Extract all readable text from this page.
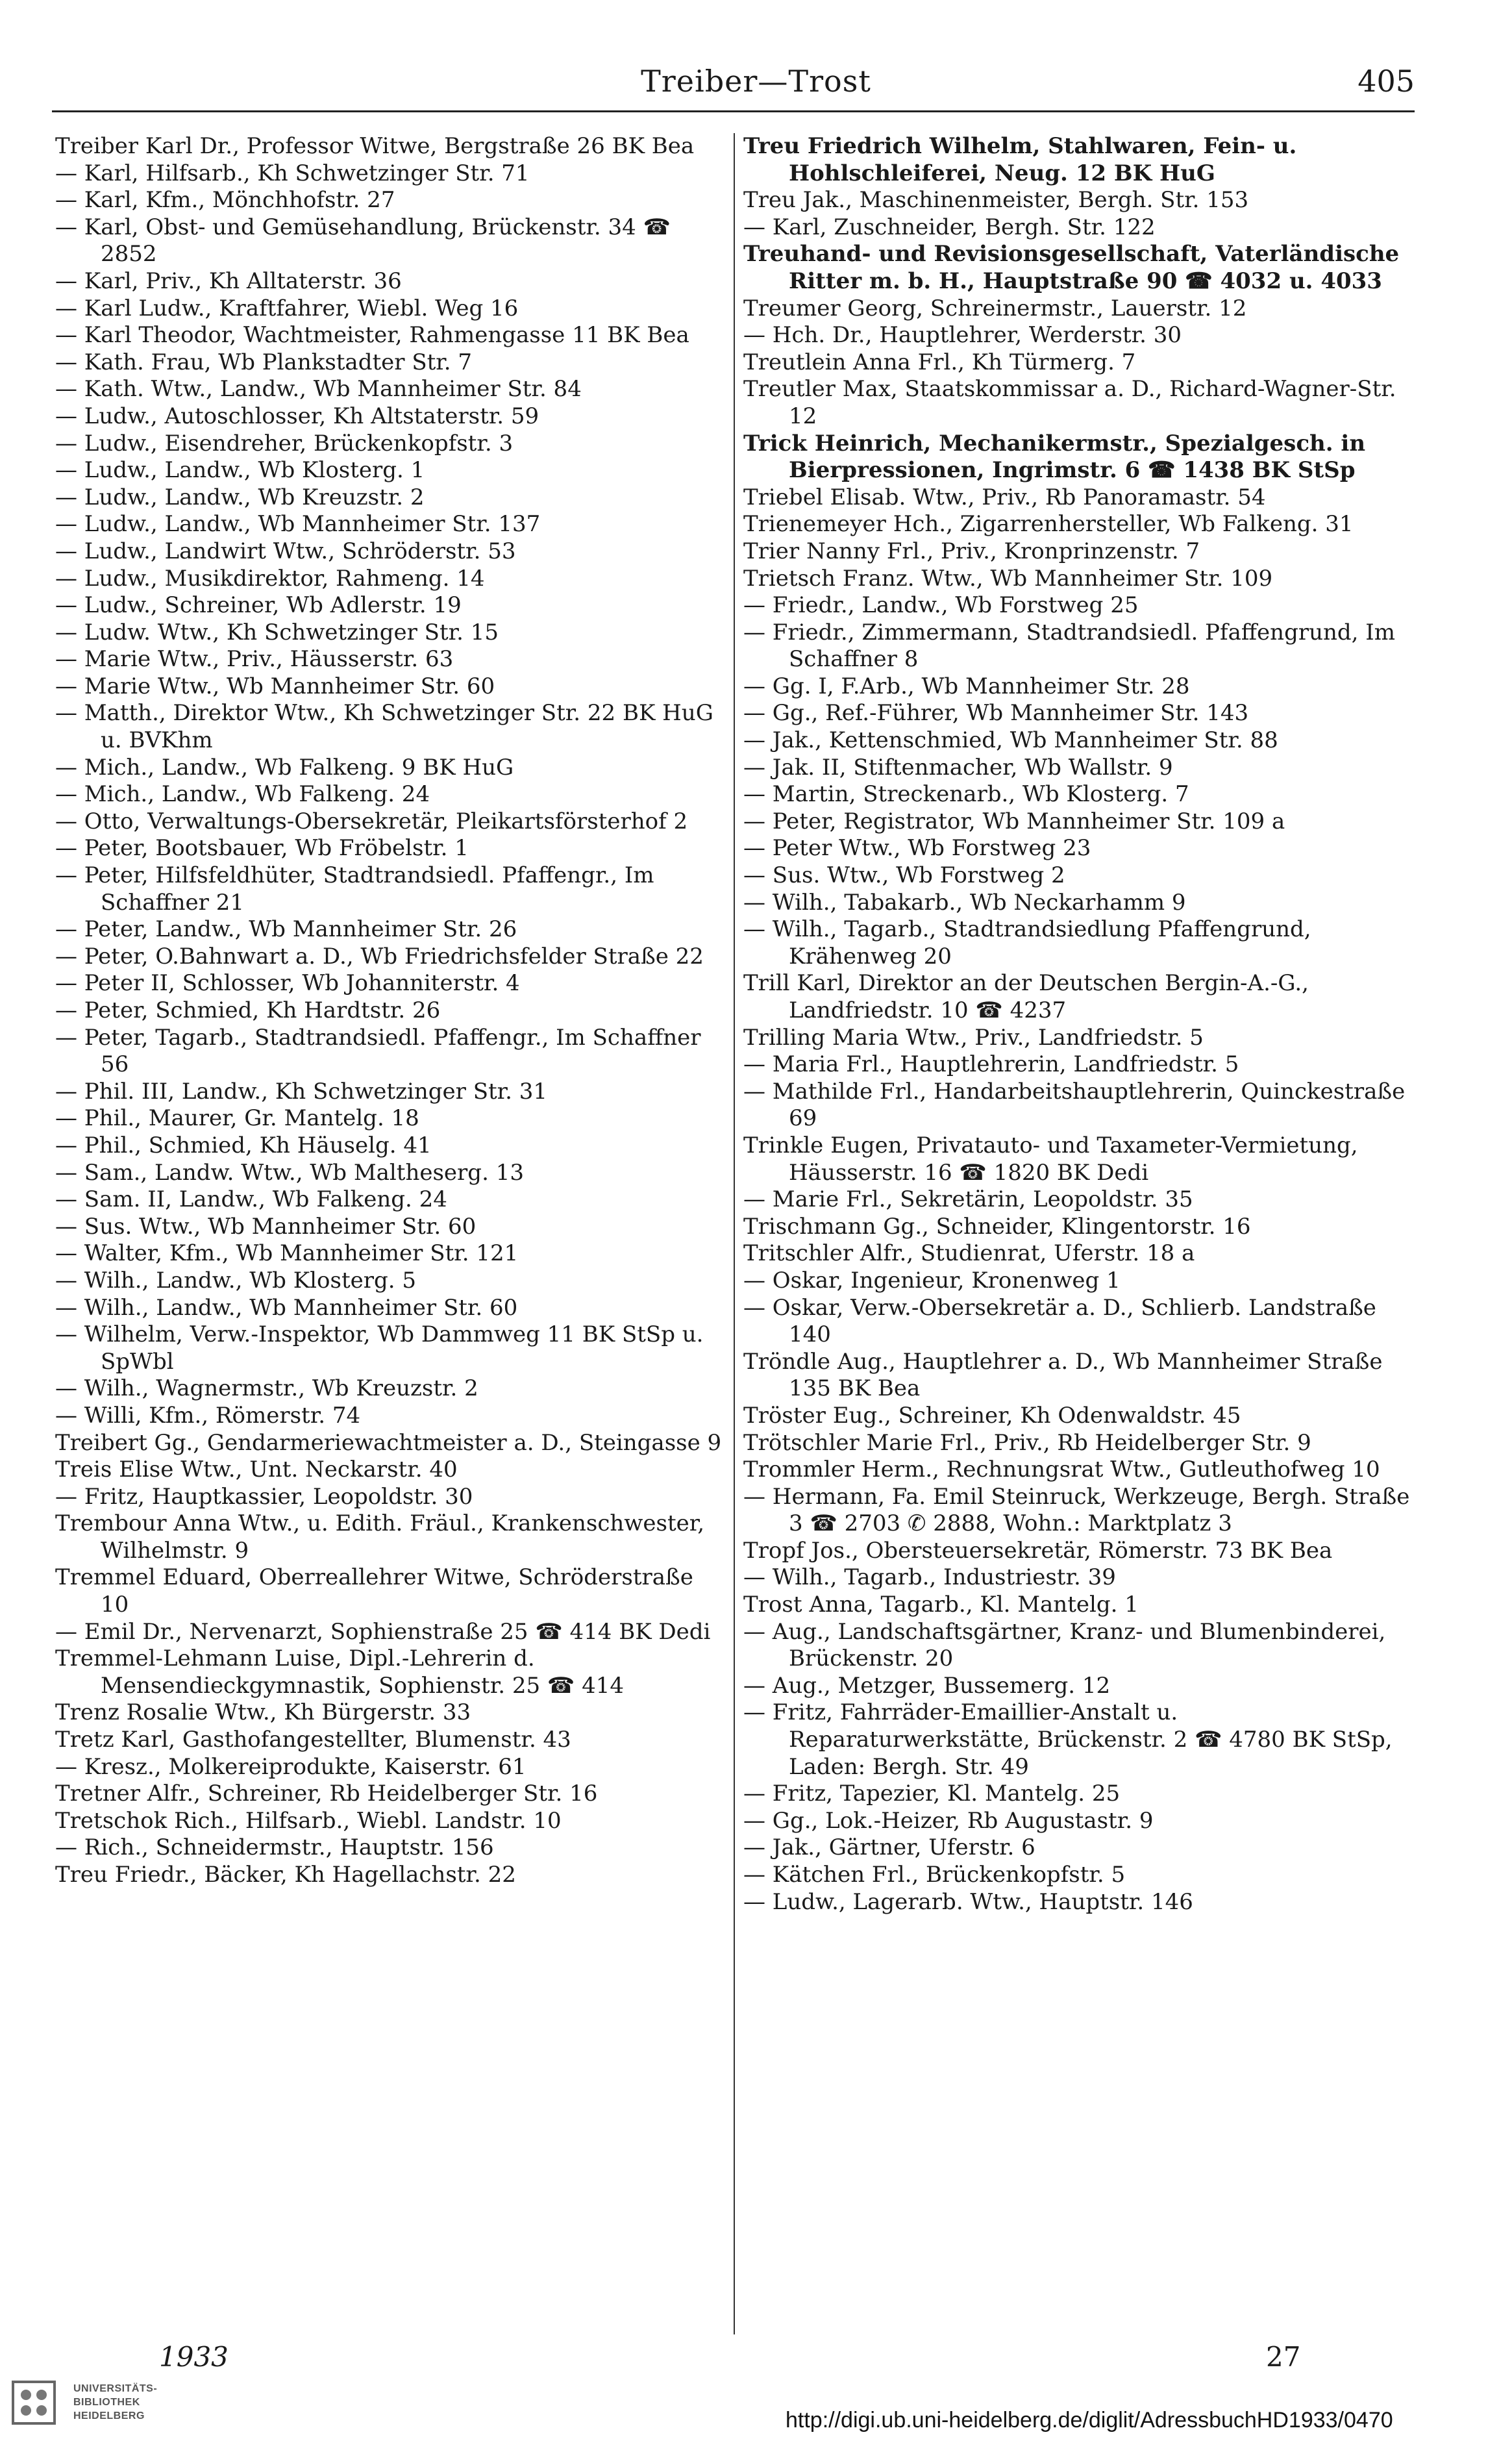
Treiber—Trost	405
Treiber Karl Dr., Professor Witwe, Bergstraße 26 BK Bea
— Karl, Hilfsarb., Kh Schwetzinger Str. 71
— Karl, Kfm., Mönchhofstr. 27
— Karl, Obst- und Gemüsehandlung, Brückenstr. 34 ☎ 2852
— Karl, Priv., Kh Alltaterstr. 36
— Karl Ludw., Kraftfahrer, Wiebl. Weg 16
— Karl Theodor, Wachtmeister, Rahmengasse 11 BK Bea
— Kath. Frau, Wb Plankstadter Str. 7
— Kath. Wtw., Landw., Wb Mannheimer Str. 84
— Ludw., Autoschlosser, Kh Altstaterstr. 59
— Ludw., Eisendreher, Brückenkopfstr. 3
— Ludw., Landw., Wb Klosterg. 1
— Ludw., Landw., Wb Kreuzstr. 2
— Ludw., Landw., Wb Mannheimer Str. 137
— Ludw., Landwirt Wtw., Schröderstr. 53
— Ludw., Musikdirektor, Rahmeng. 14
— Ludw., Schreiner, Wb Adlerstr. 19
— Ludw. Wtw., Kh Schwetzinger Str. 15
— Marie Wtw., Priv., Häusserstr. 63
— Marie Wtw., Wb Mannheimer Str. 60
— Matth., Direktor Wtw., Kh Schwetzinger Str. 22 BK HuG u. BVKhm
— Mich., Landw., Wb Falkeng. 9 BK HuG
— Mich., Landw., Wb Falkeng. 24
— Otto, Verwaltungs-Obersekretär, Pleikartsförsterhof 2
— Peter, Bootsbauer, Wb Fröbelstr. 1
— Peter, Hilfsfeldhüter, Stadtrandsiedl. Pfaffengr., Im Schaffner 21
— Peter, Landw., Wb Mannheimer Str. 26
— Peter, O.Bahnwart a. D., Wb Friedrichsfelder Straße 22
— Peter II, Schlosser, Wb Johanniterstr. 4
— Peter, Schmied, Kh Hardtstr. 26
— Peter, Tagarb., Stadtrandsiedl. Pfaffengr., Im Schaffner 56
— Phil. III, Landw., Kh Schwetzinger Str. 31
— Phil., Maurer, Gr. Mantelg. 18
— Phil., Schmied, Kh Häuselg. 41
— Sam., Landw. Wtw., Wb Maltheserg. 13
— Sam. II, Landw., Wb Falkeng. 24
— Sus. Wtw., Wb Mannheimer Str. 60
— Walter, Kfm., Wb Mannheimer Str. 121
— Wilh., Landw., Wb Klosterg. 5
— Wilh., Landw., Wb Mannheimer Str. 60
— Wilhelm, Verw.-Inspektor, Wb Dammweg 11 BK StSp u. SpWbl
— Wilh., Wagnermstr., Wb Kreuzstr. 2
— Willi, Kfm., Römerstr. 74
Treibert Gg., Gendarmeriewachtmeister a. D., Steingasse 9
Treis Elise Wtw., Unt. Neckarstr. 40
— Fritz, Hauptkassier, Leopoldstr. 30
Trembour Anna Wtw., u. Edith. Fräul., Krankenschwester, Wilhelmstr. 9
Tremmel Eduard, Oberreallehrer Witwe, Schröderstraße 10
— Emil Dr., Nervenarzt, Sophienstraße 25 ☎ 414 BK Dedi
Tremmel-Lehmann Luise, Dipl.-Lehrerin d. Mensendieckgymnastik, Sophienstr. 25 ☎ 414
Trenz Rosalie Wtw., Kh Bürgerstr. 33
Tretz Karl, Gasthofangestellter, Blumenstr. 43
— Kresz., Molkereiprodukte, Kaiserstr. 61
Tretner Alfr., Schreiner, Rb Heidelberger Str. 16
Tretschok Rich., Hilfsarb., Wiebl. Landstr. 10
— Rich., Schneidermstr., Hauptstr. 156
Treu Friedr., Bäcker, Kh Hagellachstr. 22
Treu Friedrich Wilhelm, Stahlwaren, Fein- u. Hohlschleiferei, Neug. 12 BK HuG
Treu Jak., Maschinenmeister, Bergh. Str. 153
— Karl, Zuschneider, Bergh. Str. 122
Treuhand- und Revisionsgesellschaft, Vaterländische Ritter m. b. H., Hauptstraße 90 ☎ 4032 u. 4033
Treumer Georg, Schreinermstr., Lauerstr. 12
— Hch. Dr., Hauptlehrer, Werderstr. 30
Treutlein Anna Frl., Kh Türmerg. 7
Treutler Max, Staatskommissar a. D., Richard-Wagner-Str. 12
Trick Heinrich, Mechanikermstr., Spezialgesch. in Bierpressionen, Ingrimstr. 6 ☎ 1438 BK StSp
Triebel Elisab. Wtw., Priv., Rb Panoramastr. 54
Trienemeyer Hch., Zigarrenhersteller, Wb Falkeng. 31
Trier Nanny Frl., Priv., Kronprinzenstr. 7
Trietsch Franz. Wtw., Wb Mannheimer Str. 109
— Friedr., Landw., Wb Forstweg 25
— Friedr., Zimmermann, Stadtrandsiedl. Pfaffengrund, Im Schaffner 8
— Gg. I, F.Arb., Wb Mannheimer Str. 28
— Gg., Ref.-Führer, Wb Mannheimer Str. 143
— Jak., Kettenschmied, Wb Mannheimer Str. 88
— Jak. II, Stiftenmacher, Wb Wallstr. 9
— Martin, Streckenarb., Wb Klosterg. 7
— Peter, Registrator, Wb Mannheimer Str. 109 a
— Peter Wtw., Wb Forstweg 23
— Sus. Wtw., Wb Forstweg 2
— Wilh., Tabakarb., Wb Neckarhamm 9
— Wilh., Tagarb., Stadtrandsiedlung Pfaffengrund, Krähenweg 20
Trill Karl, Direktor an der Deutschen Bergin-A.-G., Landfriedstr. 10 ☎ 4237
Trilling Maria Wtw., Priv., Landfriedstr. 5
— Maria Frl., Hauptlehrerin, Landfriedstr. 5
— Mathilde Frl., Handarbeitshauptlehrerin, Quinckestraße 69
Trinkle Eugen, Privatauto- und Taxameter-Vermietung, Häusserstr. 16 ☎ 1820 BK Dedi
— Marie Frl., Sekretärin, Leopoldstr. 35
Trischmann Gg., Schneider, Klingentorstr. 16
Tritschler Alfr., Studienrat, Uferstr. 18 a
— Oskar, Ingenieur, Kronenweg 1
— Oskar, Verw.-Obersekretär a. D., Schlierb. Landstraße 140
Tröndle Aug., Hauptlehrer a. D., Wb Mannheimer Straße 135 BK Bea
Tröster Eug., Schreiner, Kh Odenwaldstr. 45
Trötschler Marie Frl., Priv., Rb Heidelberger Str. 9
Trommler Herm., Rechnungsrat Wtw., Gutleuthofweg 10
— Hermann, Fa. Emil Steinruck, Werkzeuge, Bergh. Straße 3 ☎ 2703 ✆ 2888, Wohn.: Marktplatz 3
Tropf Jos., Obersteuersekretär, Römerstr. 73 BK Bea
— Wilh., Tagarb., Industriestr. 39
Trost Anna, Tagarb., Kl. Mantelg. 1
— Aug., Landschaftsgärtner, Kranz- und Blumenbinderei, Brückenstr. 20
— Aug., Metzger, Bussemerg. 12
— Fritz, Fahrräder-Emaillier-Anstalt u. Reparaturwerkstätte, Brückenstr. 2 ☎ 4780 BK StSp, Laden: Bergh. Str. 49
— Fritz, Tapezier, Kl. Mantelg. 25
— Gg., Lok.-Heizer, Rb Augustastr. 9
— Jak., Gärtner, Uferstr. 6
— Kätchen Frl., Brückenkopfstr. 5
— Ludw., Lagerarb. Wtw., Hauptstr. 146
1933	27
UNIVERSITÄTS-
BIBLIOTHEK
HEIDELBERG	http://digi.ub.uni-heidelberg.de/diglit/AdressbuchHD1933/0470
